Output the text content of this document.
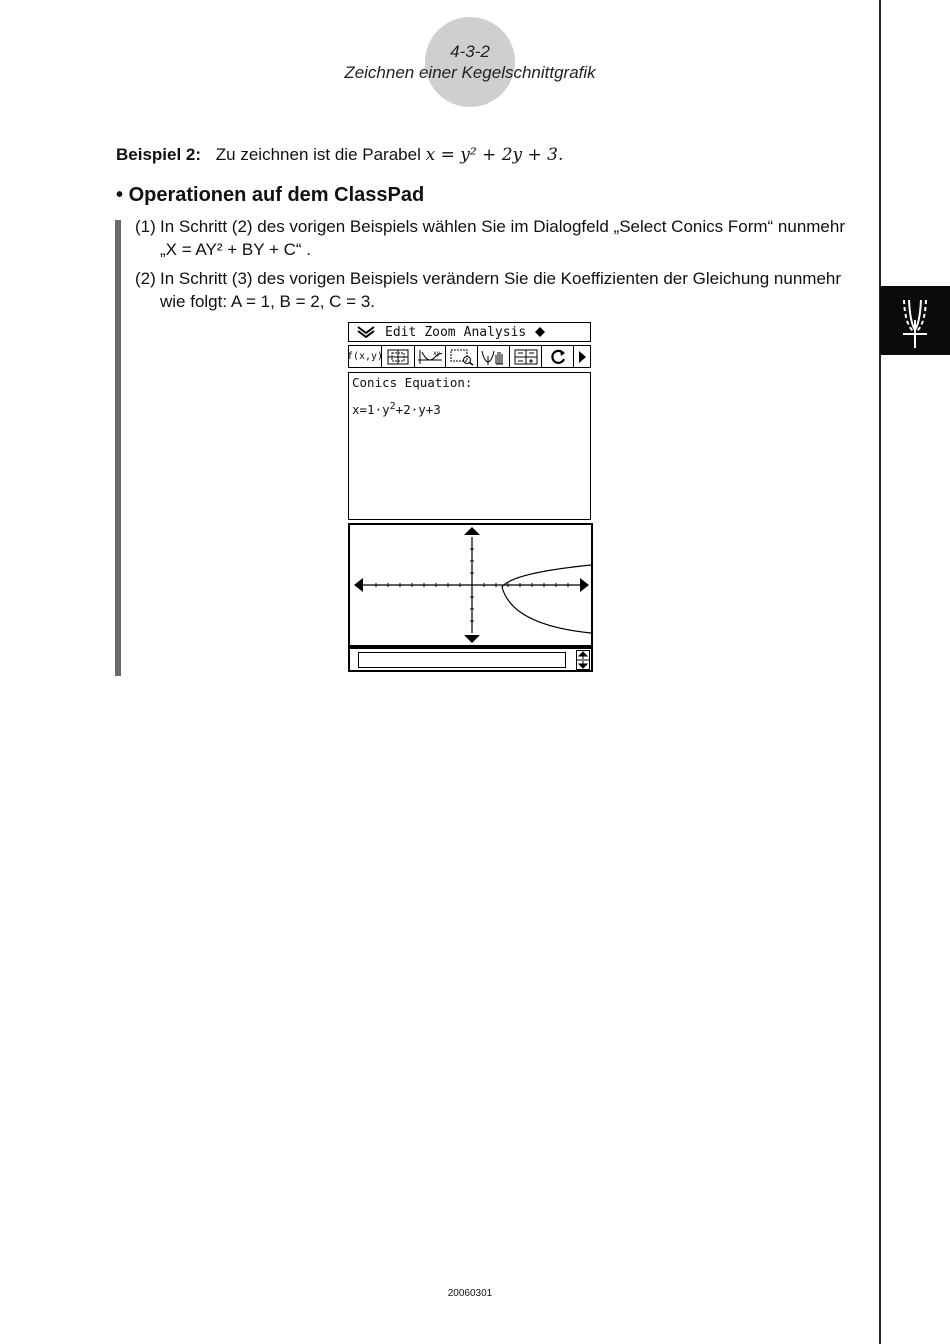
4-3-2
Zeichnen einer Kegelschnittgrafik
Beispiel 2: Zu zeichnen ist die Parabel x = y² + 2y + 3.
• Operationen auf dem ClassPad
(1) In Schritt (2) des vorigen Beispiels wählen Sie im Dialogfeld „Select Conics Form“ nunmehr „X = AY² + BY + C“ .
(2) In Schritt (3) des vorigen Beispiels verändern Sie die Koeffizienten der Gleichung nunmehr wie folgt: A = 1, B = 2, C = 3.
Edit Zoom Analysis
f(x,y)	xy
Conics Equation:
$x=1\cdot y^2+2\cdot y+3$
20060301
